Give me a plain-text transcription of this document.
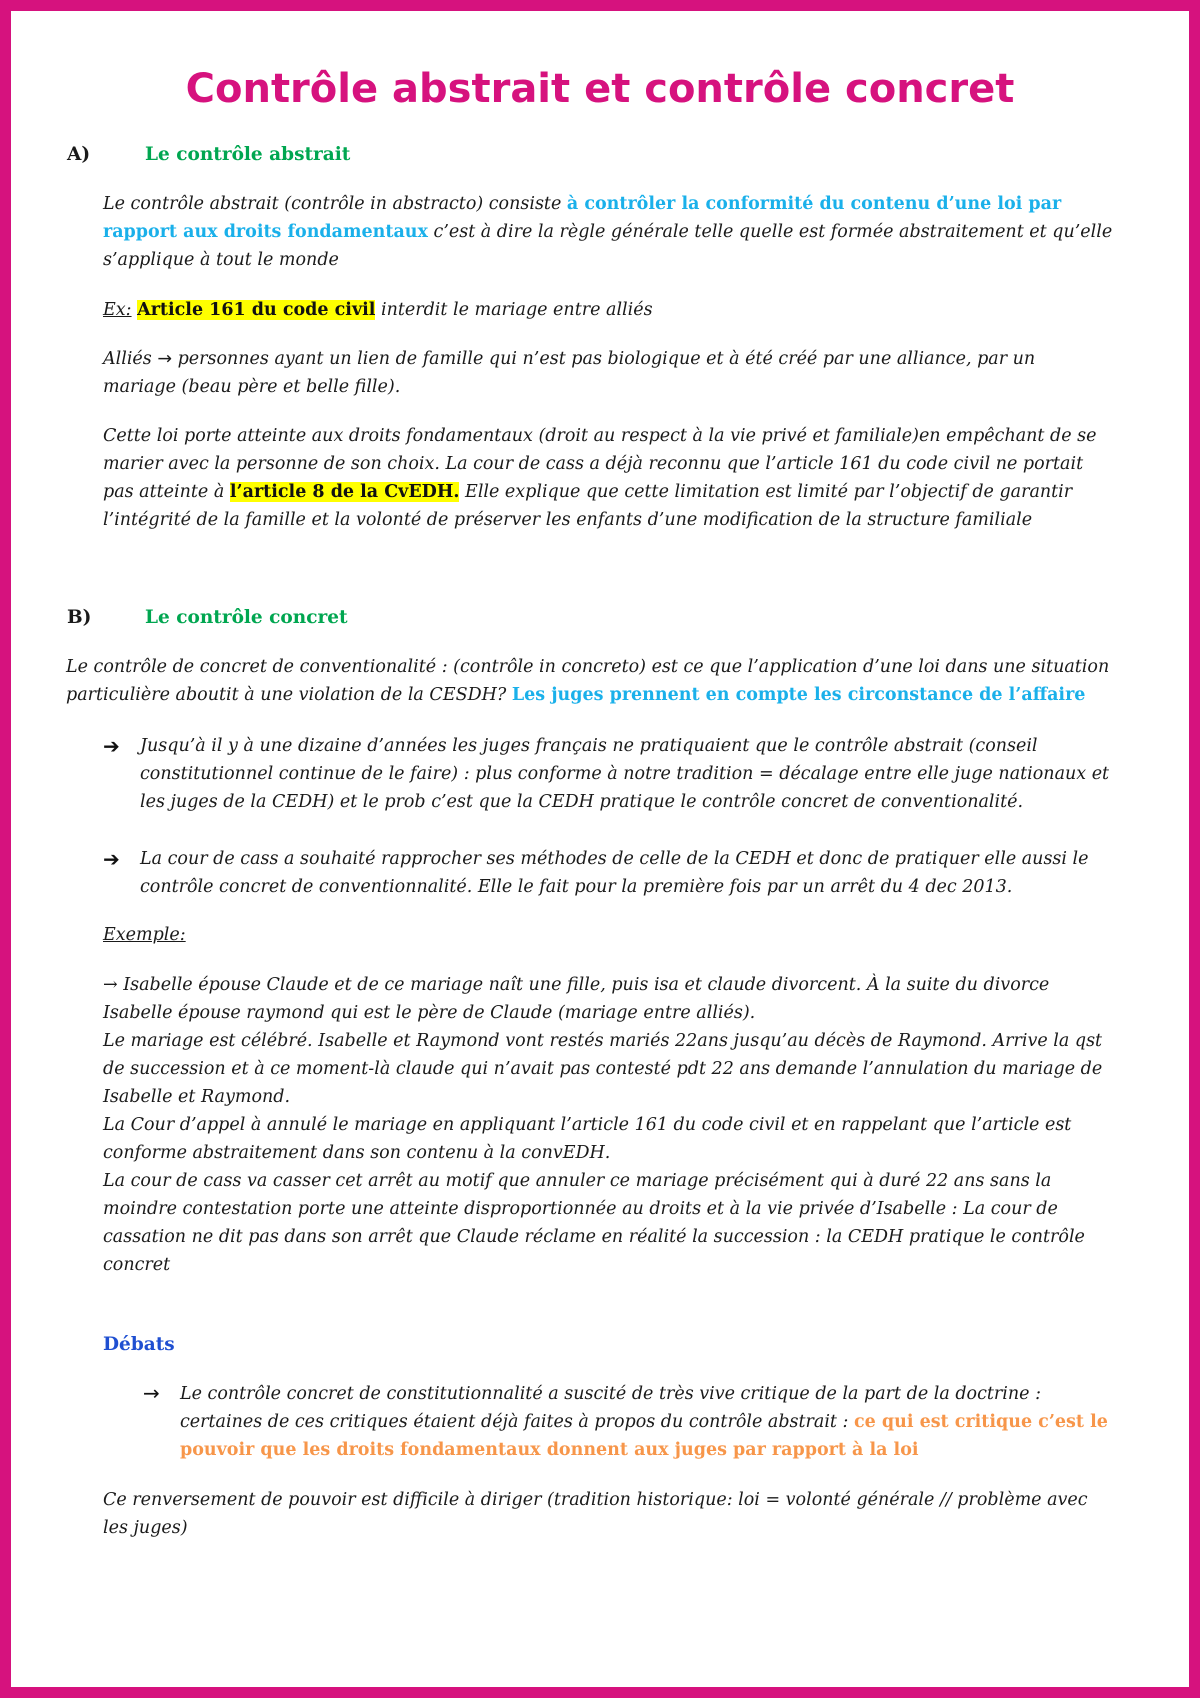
Contrôle abstrait et contrôle concret
A)	Le contrôle abstrait
Le contrôle abstrait (contrôle in abstracto) consiste à contrôler la conformité du contenu d’une loi par rapport aux droits fondamentaux c’est à dire la règle générale telle quelle est formée abstraitement et qu’elle s’applique à tout le monde
Ex: Article 161 du code civil interdit le mariage entre alliés
Alliés → personnes ayant un lien de famille qui n’est pas biologique et à été créé par une alliance, par un mariage (beau père et belle fille).
Cette loi porte atteinte aux droits fondamentaux (droit au respect à la vie privé et familiale)en empêchant de se marier avec la personne de son choix. La cour de cass a déjà reconnu que l’article 161 du code civil ne portait pas atteinte à l’article 8 de la CvEDH. Elle explique que cette limitation est limité par l’objectif de garantir l’intégrité de la famille et la volonté de préserver les enfants d’une modification de la structure familiale
B)	Le contrôle concret
Le contrôle de concret de conventionalité : (contrôle in concreto) est ce que l’application d’une loi dans une situation particulière aboutit à une violation de la CESDH? Les juges prennent en compte les circonstance de l’affaire
➔ Jusqu’à il y à une dizaine d’années les juges français ne pratiquaient que le contrôle abstrait (conseil constitutionnel continue de le faire) : plus conforme à notre tradition = décalage entre elle juge nationaux et les juges de la CEDH) et le prob c’est que la CEDH pratique le contrôle concret de conventionalité.
➔ La cour de cass a souhaité rapprocher ses méthodes de celle de la CEDH et donc de pratiquer elle aussi le contrôle concret de conventionnalité. Elle le fait pour la première fois par un arrêt du 4 dec 2013.
Exemple:
→ Isabelle épouse Claude et de ce mariage naît une fille, puis isa et claude divorcent. À la suite du divorce Isabelle épouse raymond qui est le père de Claude (mariage entre alliés).
Le mariage est célébré. Isabelle et Raymond vont restés mariés 22ans jusqu’au décès de Raymond. Arrive la qst de succession et à ce moment-là claude qui n’avait pas contesté pdt 22 ans demande l’annulation du mariage de Isabelle et Raymond.
La Cour d’appel à annulé le mariage en appliquant l’article 161 du code civil et en rappelant que l’article est conforme abstraitement dans son contenu à la convEDH.
La cour de cass va casser cet arrêt au motif que annuler ce mariage précisément qui à duré 22 ans sans la moindre contestation porte une atteinte disproportionnée au droits et à la vie privée d’Isabelle : La cour de cassation ne dit pas dans son arrêt que Claude réclame en réalité la succession : la CEDH pratique le contrôle concret
Débats
→ Le contrôle concret de constitutionnalité a suscité de très vive critique de la part de la doctrine : certaines de ces critiques étaient déjà faites à propos du contrôle abstrait : ce qui est critique c’est le pouvoir que les droits fondamentaux donnent aux juges par rapport à la loi
Ce renversement de pouvoir est difficile à diriger (tradition historique: loi = volonté générale // problème avec les juges)
